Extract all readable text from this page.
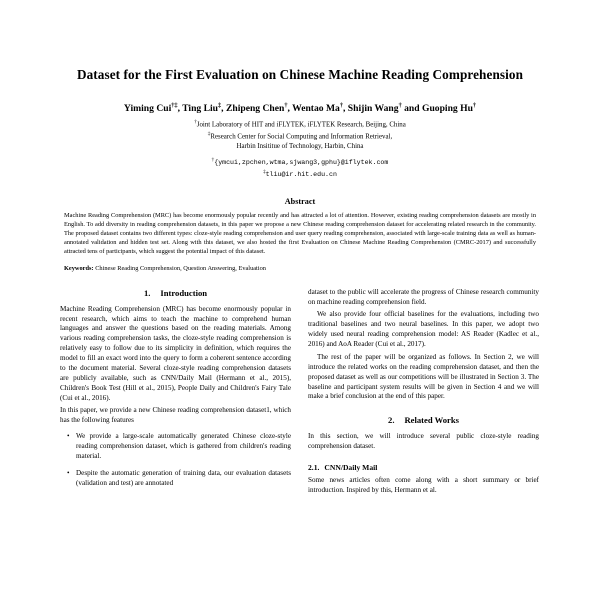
Dataset for the First Evaluation on Chinese Machine Reading Comprehension
Yiming Cui†‡, Ting Liu‡, Zhipeng Chen†, Wentao Ma†, Shijin Wang† and Guoping Hu†
†Joint Laboratory of HIT and iFLYTEK, iFLYTEK Research, Beijing, China
‡Research Center for Social Computing and Information Retrieval,
Harbin Insititue of Technology, Harbin, China
†{ymcui,zpchen,wtma,sjwang3,gphu}@iflytek.com
‡tliu@ir.hit.edu.cn
Abstract
Machine Reading Comprehension (MRC) has become enormously popular recently and has attracted a lot of attention. However, existing reading comprehension datasets are mostly in English. To add diversity in reading comprehension datasets, in this paper we propose a new Chinese reading comprehension dataset for accelerating related research in the community. The proposed dataset contains two different types: cloze-style reading comprehension and user query reading comprehension, associated with large-scale training data as well as human-annotated validation and hidden test set. Along with this dataset, we also hosted the first Evaluation on Chinese Machine Reading Comprehension (CMRC-2017) and successfully attracted tens of participants, which suggest the potential impact of this dataset.
Keywords: Chinese Reading Comprehension, Question Answering, Evaluation
1. Introduction

Machine Reading Comprehension (MRC) has become enormously popular in recent research, which aims to teach the machine to comprehend human languages and answer the questions based on the reading materials. Among various reading comprehension tasks, the cloze-style reading comprehension is relatively easy to follow due to its simplicity in definition, which requires the model to fill an exact word into the query to form a coherent sentence according to the document material. Several cloze-style reading comprehension datasets are publicly available, such as CNN/Daily Mail (Hermann et al., 2015), Children's Book Test (Hill et al., 2015), People Daily and Children's Fairy Tale (Cui et al., 2016).

In this paper, we provide a new Chinese reading comprehension dataset1, which has the following features

• We provide a large-scale automatically generated Chinese cloze-style reading comprehension dataset, which is gathered from children's reading material.
• Despite the automatic generation of training data, our evaluation datasets (validation and test) are annotated

dataset to the public will accelerate the progress of Chinese research community on machine reading comprehension field.

We also provide four official baselines for the evaluations, including two traditional baselines and two neural baselines. In this paper, we adopt two widely used neural reading comprehension model: AS Reader (Kadlec et al., 2016) and AoA Reader (Cui et al., 2017).

The rest of the paper will be organized as follows. In Section 2, we will introduce the related works on the reading comprehension dataset, and then the proposed dataset as well as our competitions will be illustrated in Section 3. The baseline and participant system results will be given in Section 4 and we will make a brief conclusion at the end of this paper.

2. Related Works

In this section, we will introduce several public cloze-style reading comprehension dataset.

2.1. CNN/Daily Mail

Some news articles often come along with a short summary or brief introduction. Inspired by this, Hermann et al.
